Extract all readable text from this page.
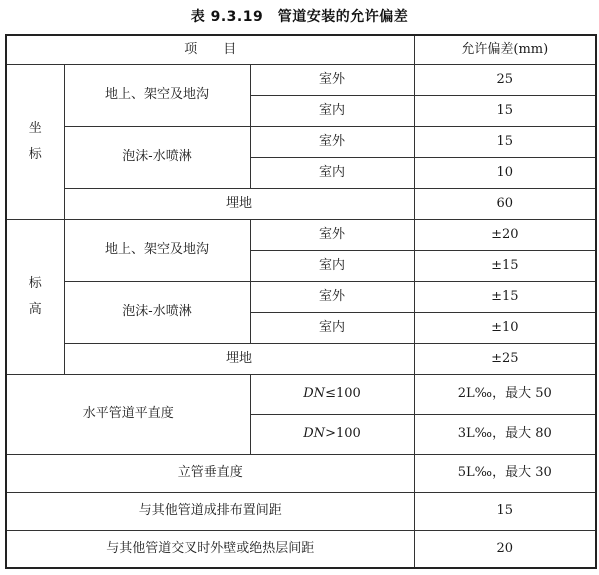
表 9.3.19　管道安装的允许偏差
项　　目			允许偏差(mm)
坐标	地上、架空及地沟	室外	25
		室内	15
	泡沫-水喷淋	室外	15
		室内	10
	埋地		60
标高	地上、架空及地沟	室外	±20
		室内	±15
	泡沫-水喷淋	室外	±15
		室内	±10
	埋地		±25
水平管道平直度		DN≤100	2L‰，最大 50
		DN>100	3L‰，最大 80
立管垂直度			5L‰，最大 30
与其他管道成排布置间距			15
与其他管道交叉时外壁或绝热层间距			20
